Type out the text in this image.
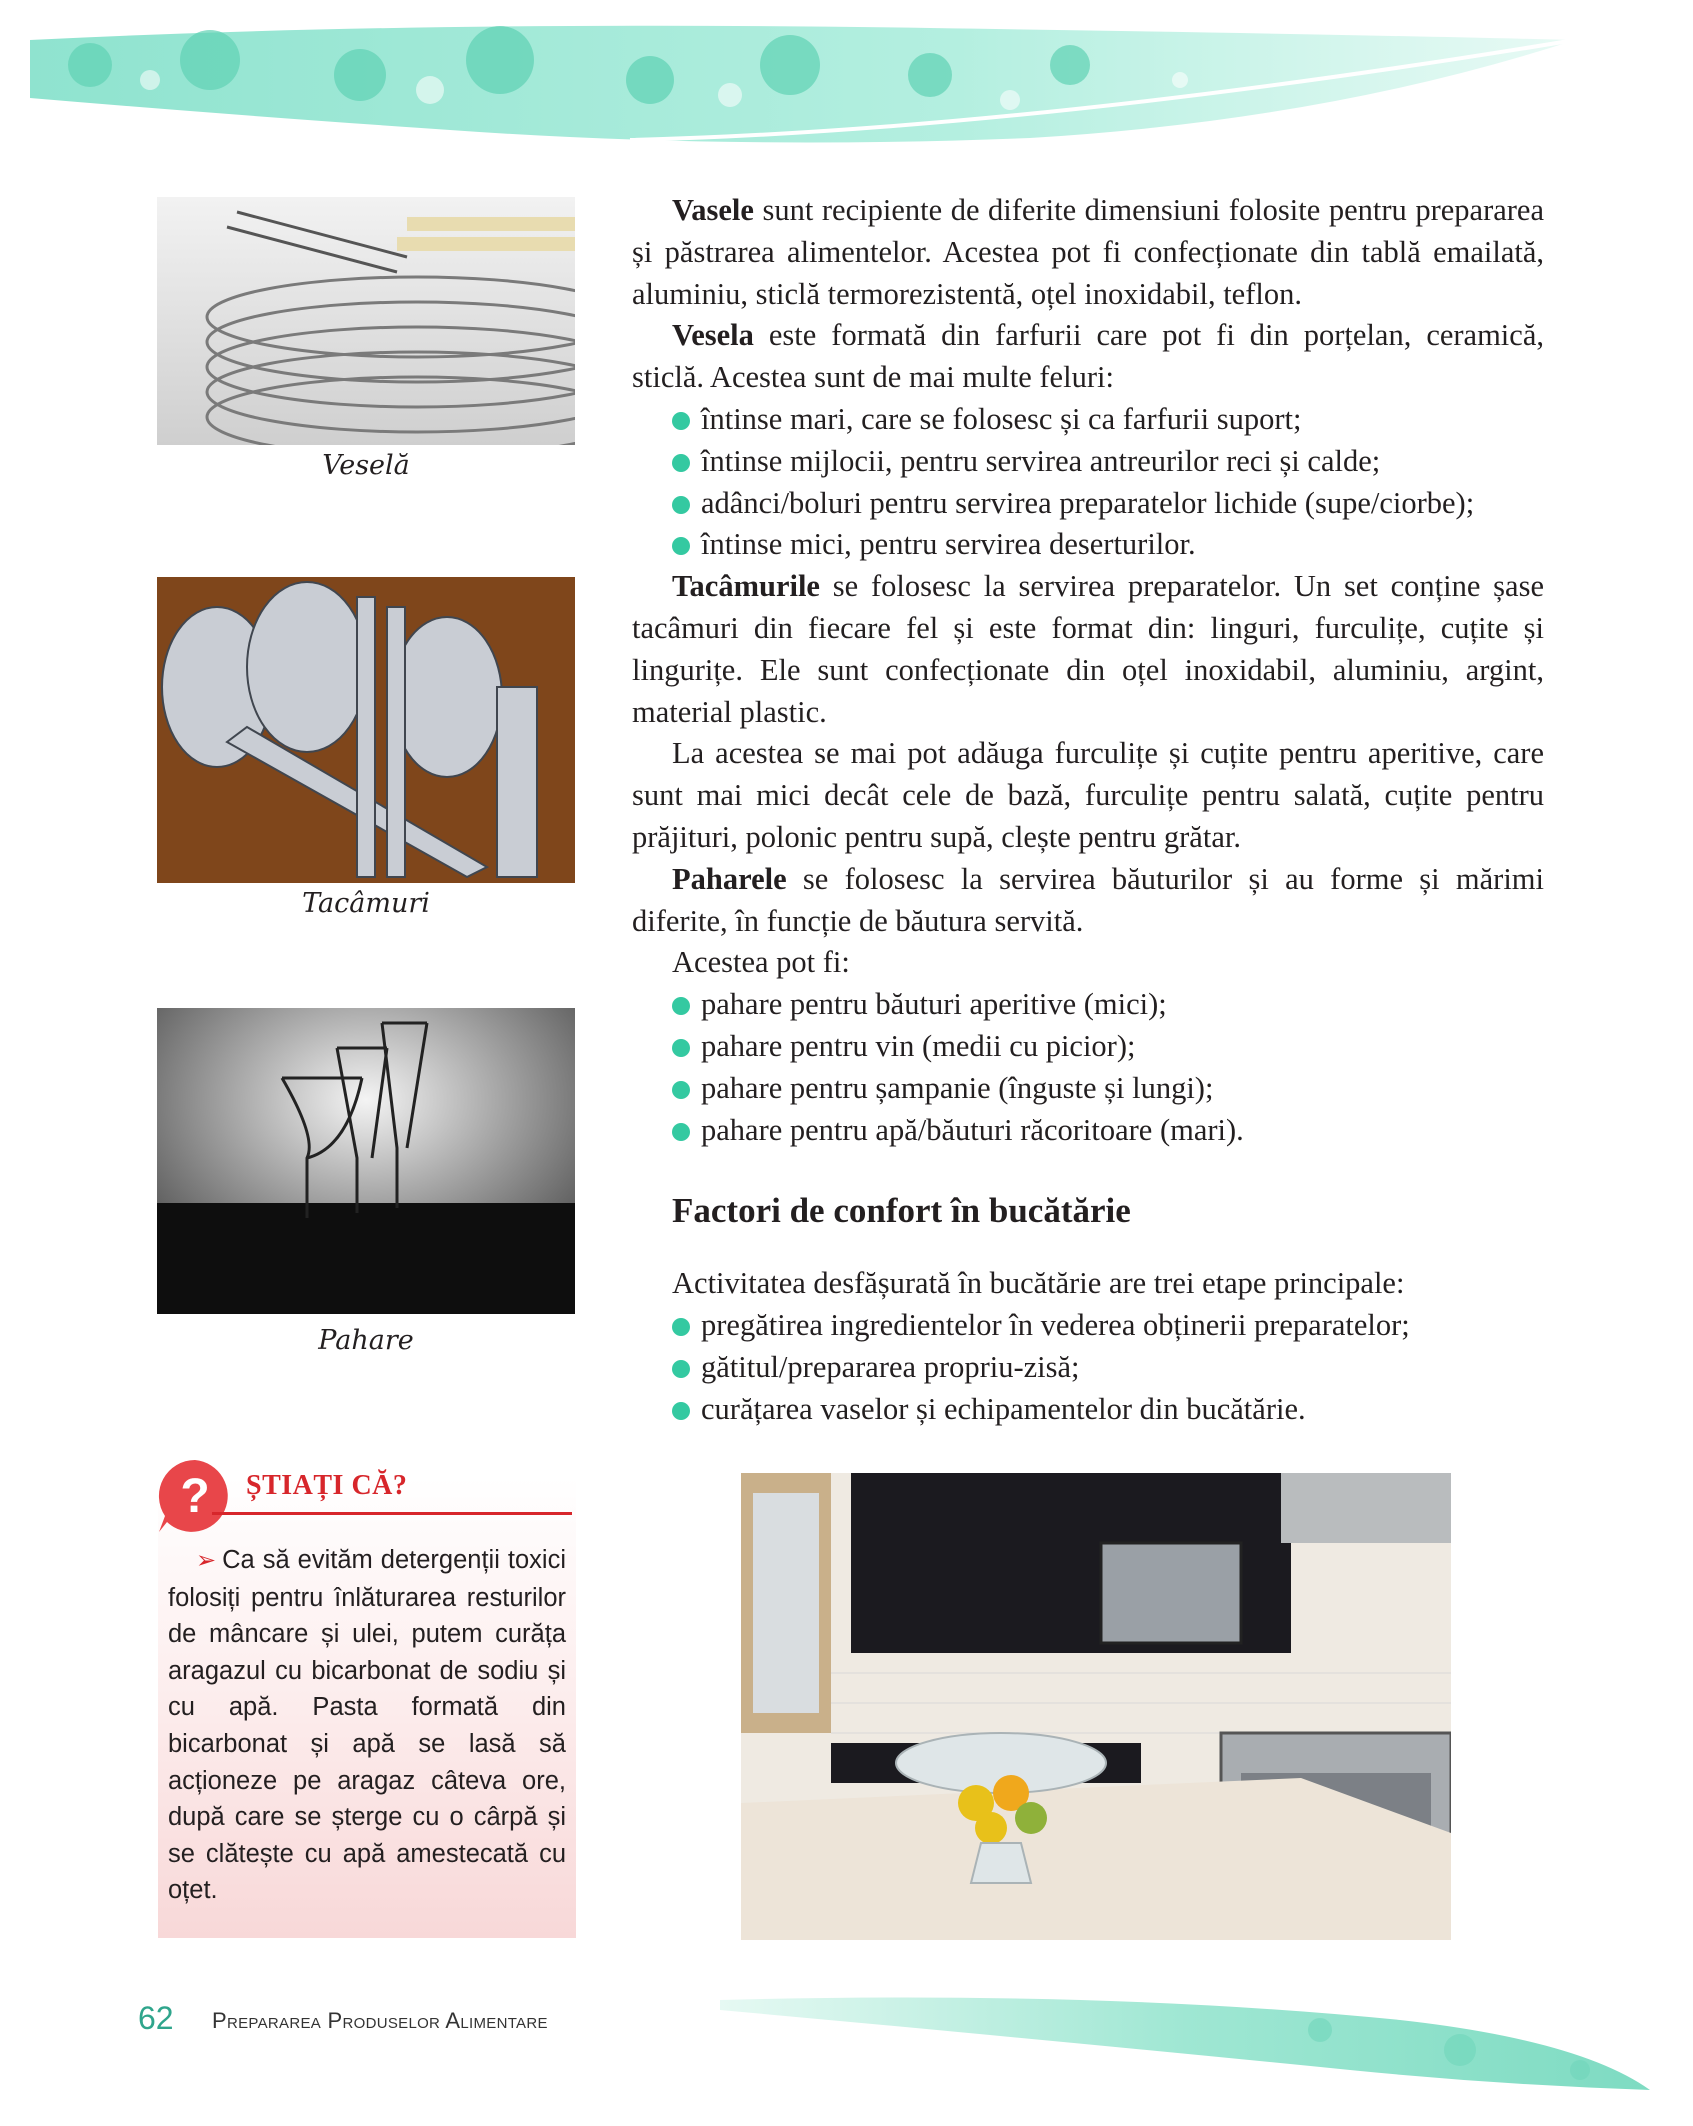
Veselă
Tacâmuri
Pahare

Vasele sunt recipiente de diferite dimensiuni folosite pentru prepararea și păstrarea alimentelor. Acestea pot fi confecționate din tablă emailată, aluminiu, sticlă termorezistentă, oțel inoxidabil, teflon.

Vesela este formată din farfurii care pot fi din porțelan, ceramică, sticlă. Acestea sunt de mai multe feluri:

întinse mari, care se folosesc și ca farfurii suport;
întinse mijlocii, pentru servirea antreurilor reci și calde;
adânci/boluri pentru servirea preparatelor lichide (supe/ciorbe);
întinse mici, pentru servirea deserturilor.

Tacâmurile se folosesc la servirea preparatelor. Un set conține șase tacâmuri din fiecare fel și este format din: linguri, furculițe, cuțite și lingurițe. Ele sunt confecționate din oțel inoxidabil, aluminiu, argint, material plastic.

La acestea se mai pot adăuga furculițe și cuțite pentru aperitive, care sunt mai mici decât cele de bază, furculițe pentru salată, cuțite pentru prăjituri, polonic pentru supă, clește pentru grătar.

Paharele se folosesc la servirea băuturilor și au forme și mărimi diferite, în funcție de băutura servită.

Acestea pot fi:

pahare pentru băuturi aperitive (mici);
pahare pentru vin (medii cu picior);
pahare pentru șampanie (înguste și lungi);
pahare pentru apă/băuturi răcoritoare (mari).
Factori de confort în bucătărie

Activitatea desfășurată în bucătărie are trei etape principale:

pregătirea ingredientelor în vederea obținerii preparatelor;
gătitul/prepararea propriu-zisă;
curățarea vaselor și echipamentelor din bucătărie.
? ȘTIAȚI CĂ?
➢ Ca să evităm detergenții toxici folosiți pentru înlăturarea resturilor de mâncare și ulei, putem curăța aragazul cu bicarbonat de sodiu și cu apă. Pasta formată din bicarbonat și apă se lasă să acționeze pe aragaz câteva ore, după care se șterge cu o cârpă și se clătește cu apă amestecată cu oțet.
62 Prepararea Produselor Alimentare
